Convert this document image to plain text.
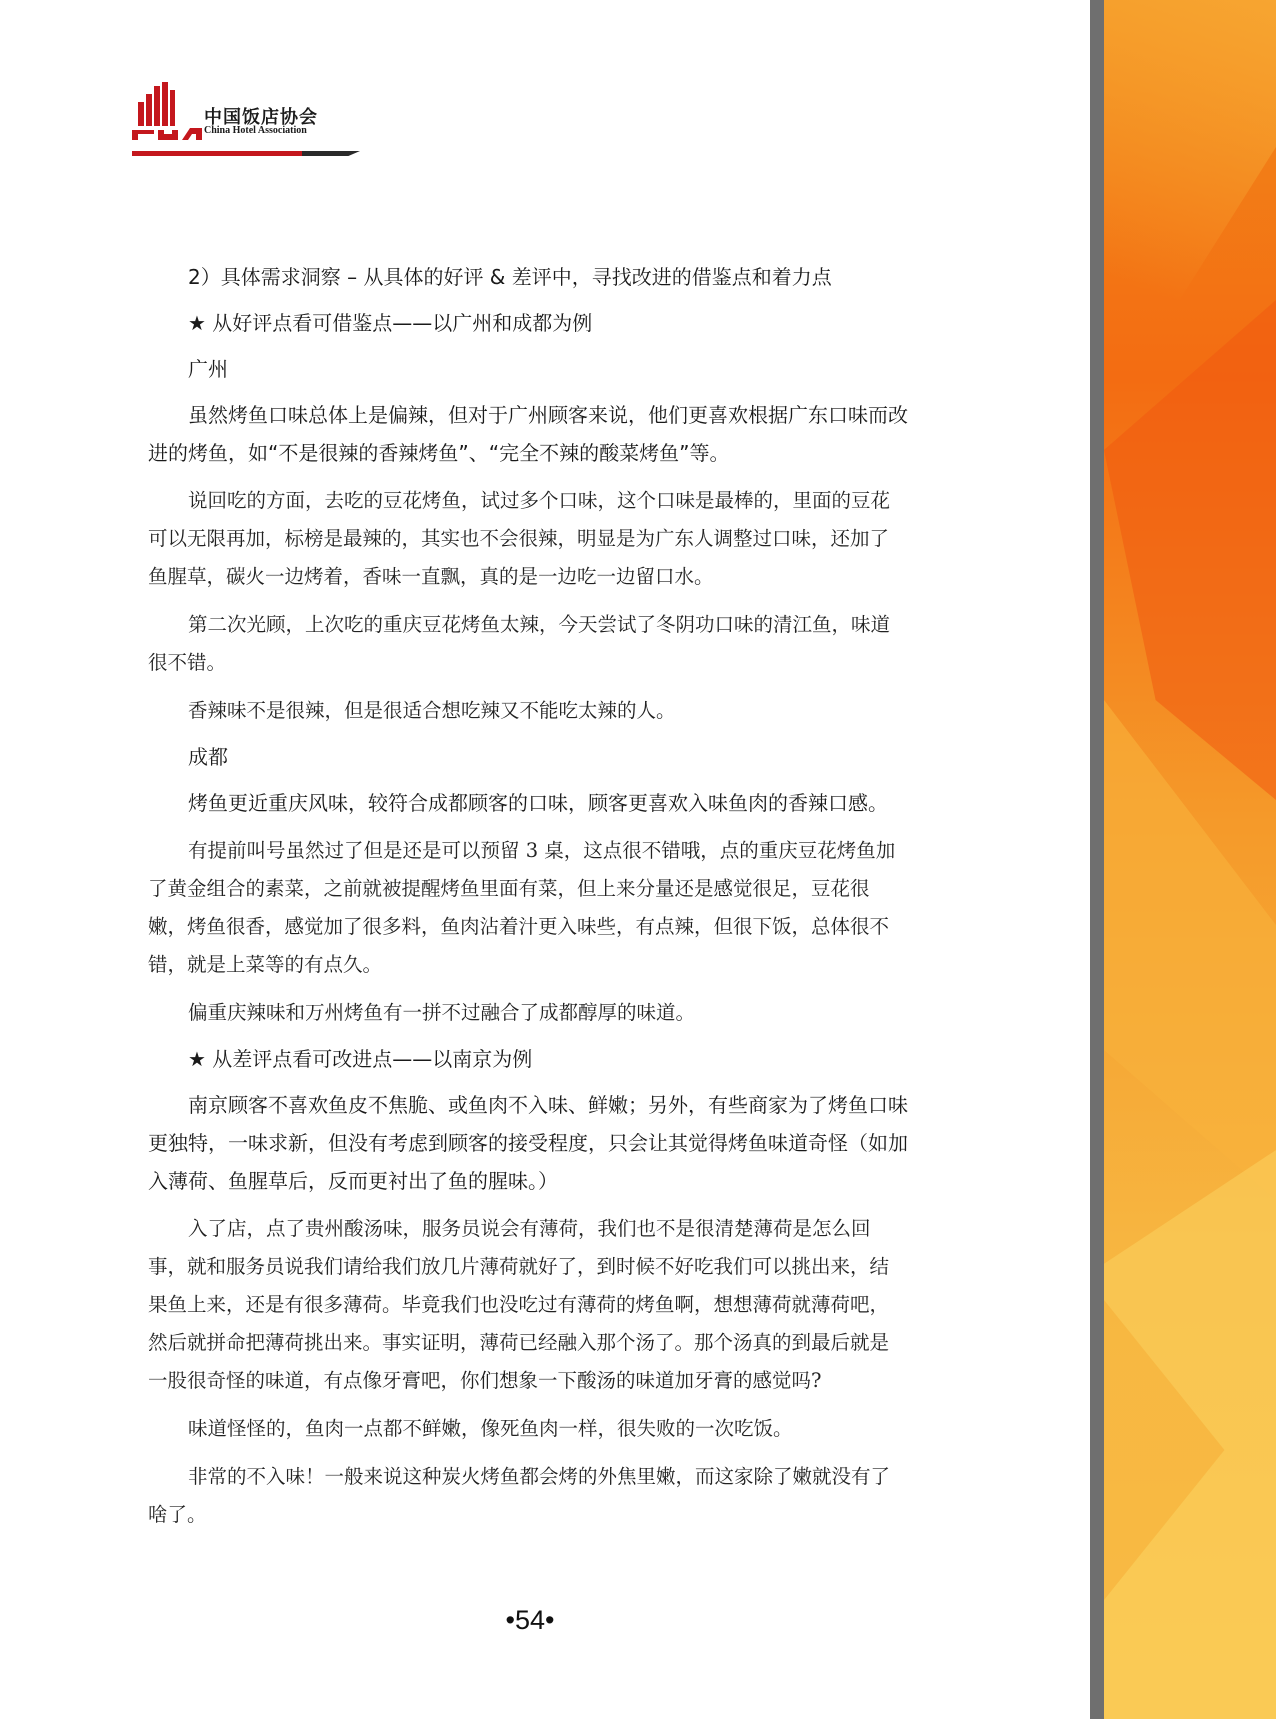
中国饭店协会
China Hotel Association

2）具体需求洞察 – 从具体的好评 & 差评中，寻找改进的借鉴点和着力点

★ 从好评点看可借鉴点——以广州和成都为例

广州

虽然烤鱼口味总体上是偏辣，但对于广州顾客来说，他们更喜欢根据广东口味而改进的烤鱼，如“不是很辣的香辣烤鱼”、“完全不辣的酸菜烤鱼”等。

说回吃的方面，去吃的豆花烤鱼，试过多个口味，这个口味是最棒的，里面的豆花可以无限再加，标榜是最辣的，其实也不会很辣，明显是为广东人调整过口味，还加了鱼腥草，碳火一边烤着，香味一直飘，真的是一边吃一边留口水。

第二次光顾，上次吃的重庆豆花烤鱼太辣，今天尝试了冬阴功口味的清江鱼，味道很不错。

香辣味不是很辣，但是很适合想吃辣又不能吃太辣的人。

成都

烤鱼更近重庆风味，较符合成都顾客的口味，顾客更喜欢入味鱼肉的香辣口感。

有提前叫号虽然过了但是还是可以预留 3 桌，这点很不错哦，点的重庆豆花烤鱼加了黄金组合的素菜，之前就被提醒烤鱼里面有菜，但上来分量还是感觉很足，豆花很嫩，烤鱼很香，感觉加了很多料，鱼肉沾着汁更入味些，有点辣，但很下饭，总体很不错，就是上菜等的有点久。

偏重庆辣味和万州烤鱼有一拼不过融合了成都醇厚的味道。

★ 从差评点看可改进点——以南京为例

南京顾客不喜欢鱼皮不焦脆、或鱼肉不入味、鲜嫩；另外，有些商家为了烤鱼口味更独特，一味求新，但没有考虑到顾客的接受程度，只会让其觉得烤鱼味道奇怪（如加入薄荷、鱼腥草后，反而更衬出了鱼的腥味。）

入了店，点了贵州酸汤味，服务员说会有薄荷，我们也不是很清楚薄荷是怎么回事，就和服务员说我们请给我们放几片薄荷就好了，到时候不好吃我们可以挑出来，结果鱼上来，还是有很多薄荷。毕竟我们也没吃过有薄荷的烤鱼啊，想想薄荷就薄荷吧，然后就拼命把薄荷挑出来。事实证明，薄荷已经融入那个汤了。那个汤真的到最后就是一股很奇怪的味道，有点像牙膏吧，你们想象一下酸汤的味道加牙膏的感觉吗?

味道怪怪的，鱼肉一点都不鲜嫩，像死鱼肉一样，很失败的一次吃饭。

非常的不入味！一般来说这种炭火烤鱼都会烤的外焦里嫩，而这家除了嫩就没有了啥了。

•54•
